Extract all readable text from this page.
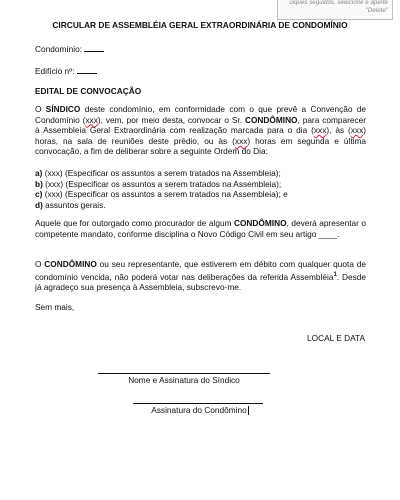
uiques seguidos, selecione e aperte "Delete"
CIRCULAR DE ASSEMBLÉIA GERAL EXTRAORDINÁRIA DE CONDOMÍNIO
Condomínio:
Edifício nº:
EDITAL DE CONVOCAÇÃO
O SÍNDICO deste condomínio, em conformidade com o que prevê a Convenção de Condomínio (xxx), vem, por meio desta, convocar o Sr. CONDÔMINO, para comparecer à Assembleia Geral Extraordinária com realização marcada para o dia (xxx), às (xxx) horas, na sala de reuniões deste prédio, ou às (xxx) horas em segunda e última convocação, a fim de deliberar sobre a seguinte Ordem do Dia:
a) (xxx) (Especificar os assuntos a serem tratados na Assembleia);
b) (xxx) (Especificar os assuntos a serem tratados na Assembleia);
c) (xxx) (Especificar os assuntos a serem tratados na Assembleia); e
d) assuntos gerais.
Aquele que for outorgado como procurador de algum CONDÔMINO, deverá apresentar o competente mandato, conforme disciplina o Novo Código Civil em seu artigo ____.
O CONDÔMINO ou seu representante, que estiverem em débito com qualquer quota de condomínio vencida, não poderá votar nas deliberações da referida Assembléia$^1$. Desde já agradeço sua presença à Assembleia, subscrevo-me.
Sem mais,
LOCAL E DATA
Nome e Assinatura do Síndico
Assinatura do Condômino
